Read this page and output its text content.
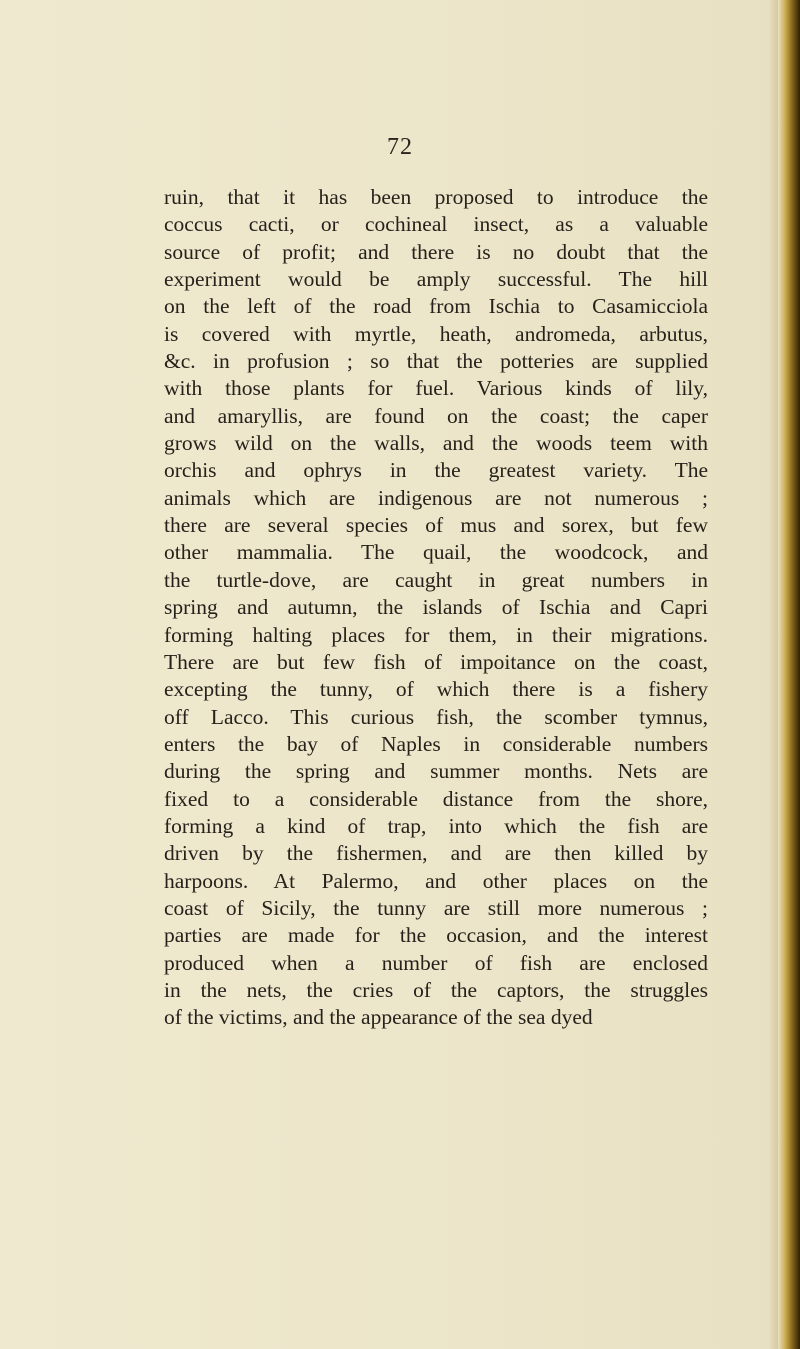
72
ruin, that it has been proposed to introduce the
coccus cacti, or cochineal insect, as a valuable
source of profit; and there is no doubt that the
experiment would be amply successful. The hill
on the left of the road from Ischia to Casamicciola
is covered with myrtle, heath, andromeda, arbutus,
&c. in profusion ; so that the potteries are supplied
with those plants for fuel. Various kinds of lily,
and amaryllis, are found on the coast; the caper
grows wild on the walls, and the woods teem with
orchis and ophrys in the greatest variety. The
animals which are indigenous are not numerous ;
there are several species of mus and sorex, but few
other mammalia. The quail, the woodcock, and
the turtle-dove, are caught in great numbers in
spring and autumn, the islands of Ischia and Capri
forming halting places for them, in their migrations.
There are but few fish of impoitance on the coast,
excepting the tunny, of which there is a fishery
off Lacco. This curious fish, the scomber tymnus,
enters the bay of Naples in considerable numbers
during the spring and summer months. Nets are
fixed to a considerable distance from the shore,
forming a kind of trap, into which the fish are
driven by the fishermen, and are then killed by
harpoons. At Palermo, and other places on the
coast of Sicily, the tunny are still more numerous ;
parties are made for the occasion, and the interest
produced when a number of fish are enclosed
in the nets, the cries of the captors, the struggles
of the victims, and the appearance of the sea dyed
